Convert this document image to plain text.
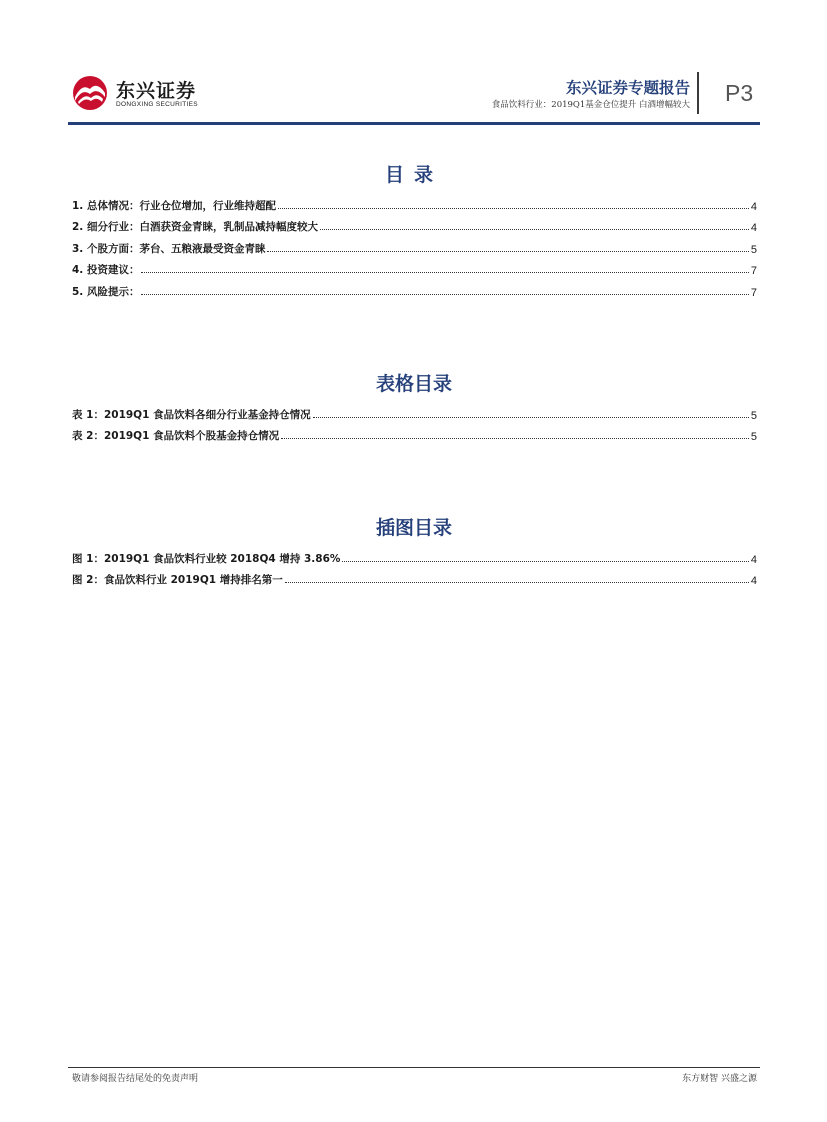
东兴证券
DONGXING SECURITIES
东兴证券专题报告
食品饮料行业：2019Q1基金仓位提升 白酒增幅较大 P3
目录
1. 总体情况：行业仓位增加，行业维持超配	4
2. 细分行业：白酒获资金青睐，乳制品减持幅度较大	4
3. 个股方面：茅台、五粮液最受资金青睐	5
4. 投资建议：	7
5. 风险提示：	7
表格目录
表 1：2019Q1 食品饮料各细分行业基金持仓情况	5
表 2：2019Q1 食品饮料个股基金持仓情况	5
插图目录
图 1：2019Q1 食品饮料行业较 2018Q4 增持 3.86%	4
图 2：食品饮料行业 2019Q1 增持排名第一	4
敬请参阅报告结尾处的免责声明	东方财智 兴盛之源
